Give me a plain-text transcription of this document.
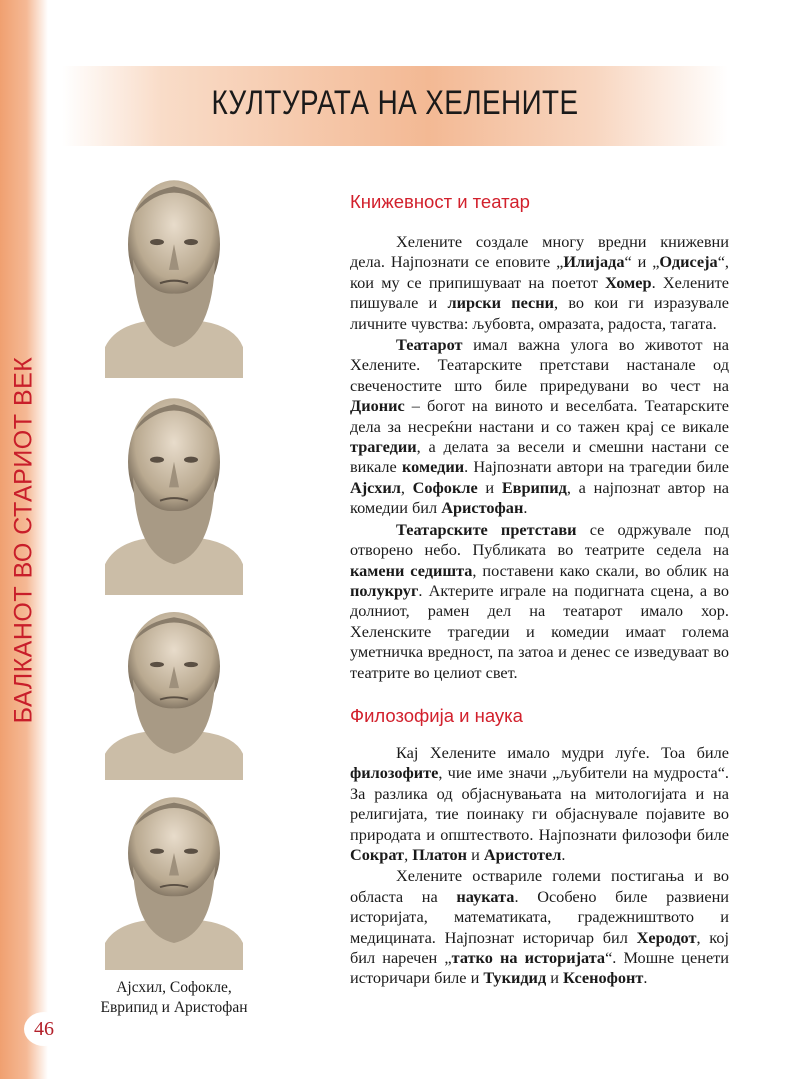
БАЛКАНОТ ВО СТАРИОТ ВЕК
КУЛТУРАТА НА ХЕЛЕНИТЕ
Ајсхил, Софокле,
Еврипид и Аристофан
46
Книжевност и театар

Хелените создале многу вредни книжевни дела. Најпознати се еповите „Илијада“ и „Одисеја“, кои му се припишуваат на поетот Хомер. Хелените пишувале и лирски песни, во кои ги изразувале личните чувства: љубовта, омразата, радоста, тагата.

Театарот имал важна улога во животот на Хелените. Театарските претстави настанале од свеченостите што биле приредувани во чест на Дионис – богот на виното и веселбата. Театарските дела за несреќни настани и со тажен крај се викале трагедии, а делата за весели и смешни настани се викале комедии. Најпознати автори на трагедии биле Ајсхил, Софокле и Еврипид, а најпознат автор на комедии бил Аристофан.

Театарските претстави се одржувале под отворено небо. Публиката во театрите седела на камени седишта, поставени како скали, во облик на полукруг. Актерите играле на подигната сцена, а во долниот, рамен дел на театарот имало хор. Хеленските трагедии и комедии имаат голема уметничка вредност, па затоа и денес се изведуваат во театрите во целиот свет.

Филозофија и наука

Кај Хелените имало мудри луѓе. Тоа биле филозофите, чие име значи „љубители на мудроста“. За разлика од објаснувањата на митологијата и на религијата, тие поинаку ги објаснувале појавите во природата и општеството. Најпознати филозофи биле Сократ, Платон и Аристотел.

Хелените оствариле големи постигања и во областа на науката. Особено биле развиени историјата, математиката, градежништвото и медицината. Најпознат историчар бил Херодот, кој бил наречен „татко на историјата“. Мошне ценети историчари биле и Тукидид и Ксенофонт.
